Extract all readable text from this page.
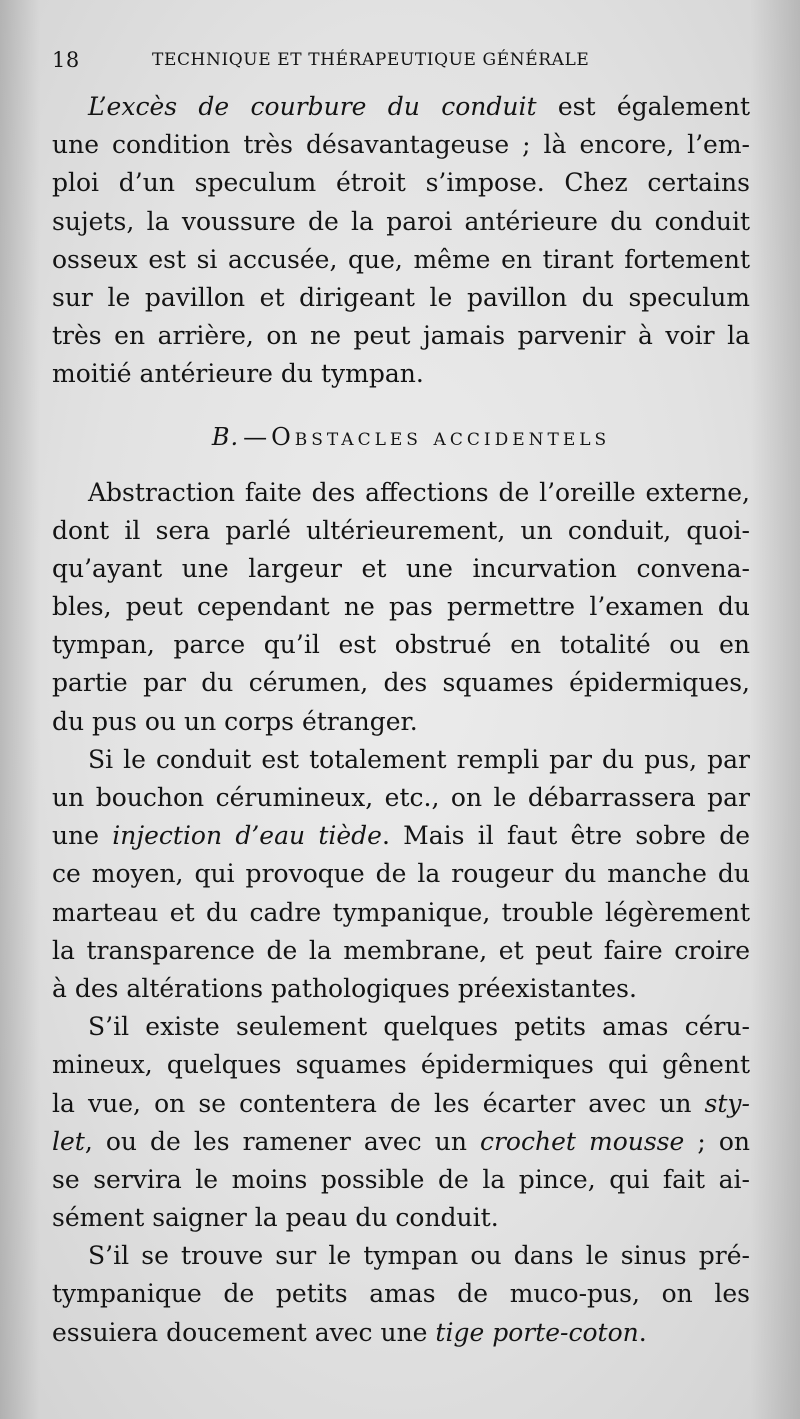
18	TECHNIQUE ET THÉRAPEUTIQUE GÉNÉRALE
L’excès de courbure du conduit est également
une condition très désavantageuse ; là encore, l’em-
ploi d’un speculum étroit s’impose. Chez certains
sujets, la voussure de la paroi antérieure du conduit
osseux est si accusée, que, même en tirant fortement
sur le pavillon et dirigeant le pavillon du speculum
très en arrière, on ne peut jamais parvenir à voir la
moitié antérieure du tympan.
B. — Obstacles accidentels
Abstraction faite des affections de l’oreille externe,
dont il sera parlé ultérieurement, un conduit, quoi-
qu’ayant une largeur et une incurvation convena-
bles, peut cependant ne pas permettre l’examen du
tympan, parce qu’il est obstrué en totalité ou en
partie par du cérumen, des squames épidermiques,
du pus ou un corps étranger.
Si le conduit est totalement rempli par du pus, par
un bouchon cérumineux, etc., on le débarrassera par
une injection d’eau tiède. Mais il faut être sobre de
ce moyen, qui provoque de la rougeur du manche du
marteau et du cadre tympanique, trouble légèrement
la transparence de la membrane, et peut faire croire
à des altérations pathologiques préexistantes.
S’il existe seulement quelques petits amas céru-
mineux, quelques squames épidermiques qui gênent
la vue, on se contentera de les écarter avec un sty-
let, ou de les ramener avec un crochet mousse ; on
se servira le moins possible de la pince, qui fait ai-
sément saigner la peau du conduit.
S’il se trouve sur le tympan ou dans le sinus pré-
tympanique de petits amas de muco-pus, on les
essuiera doucement avec une tige porte-coton.
